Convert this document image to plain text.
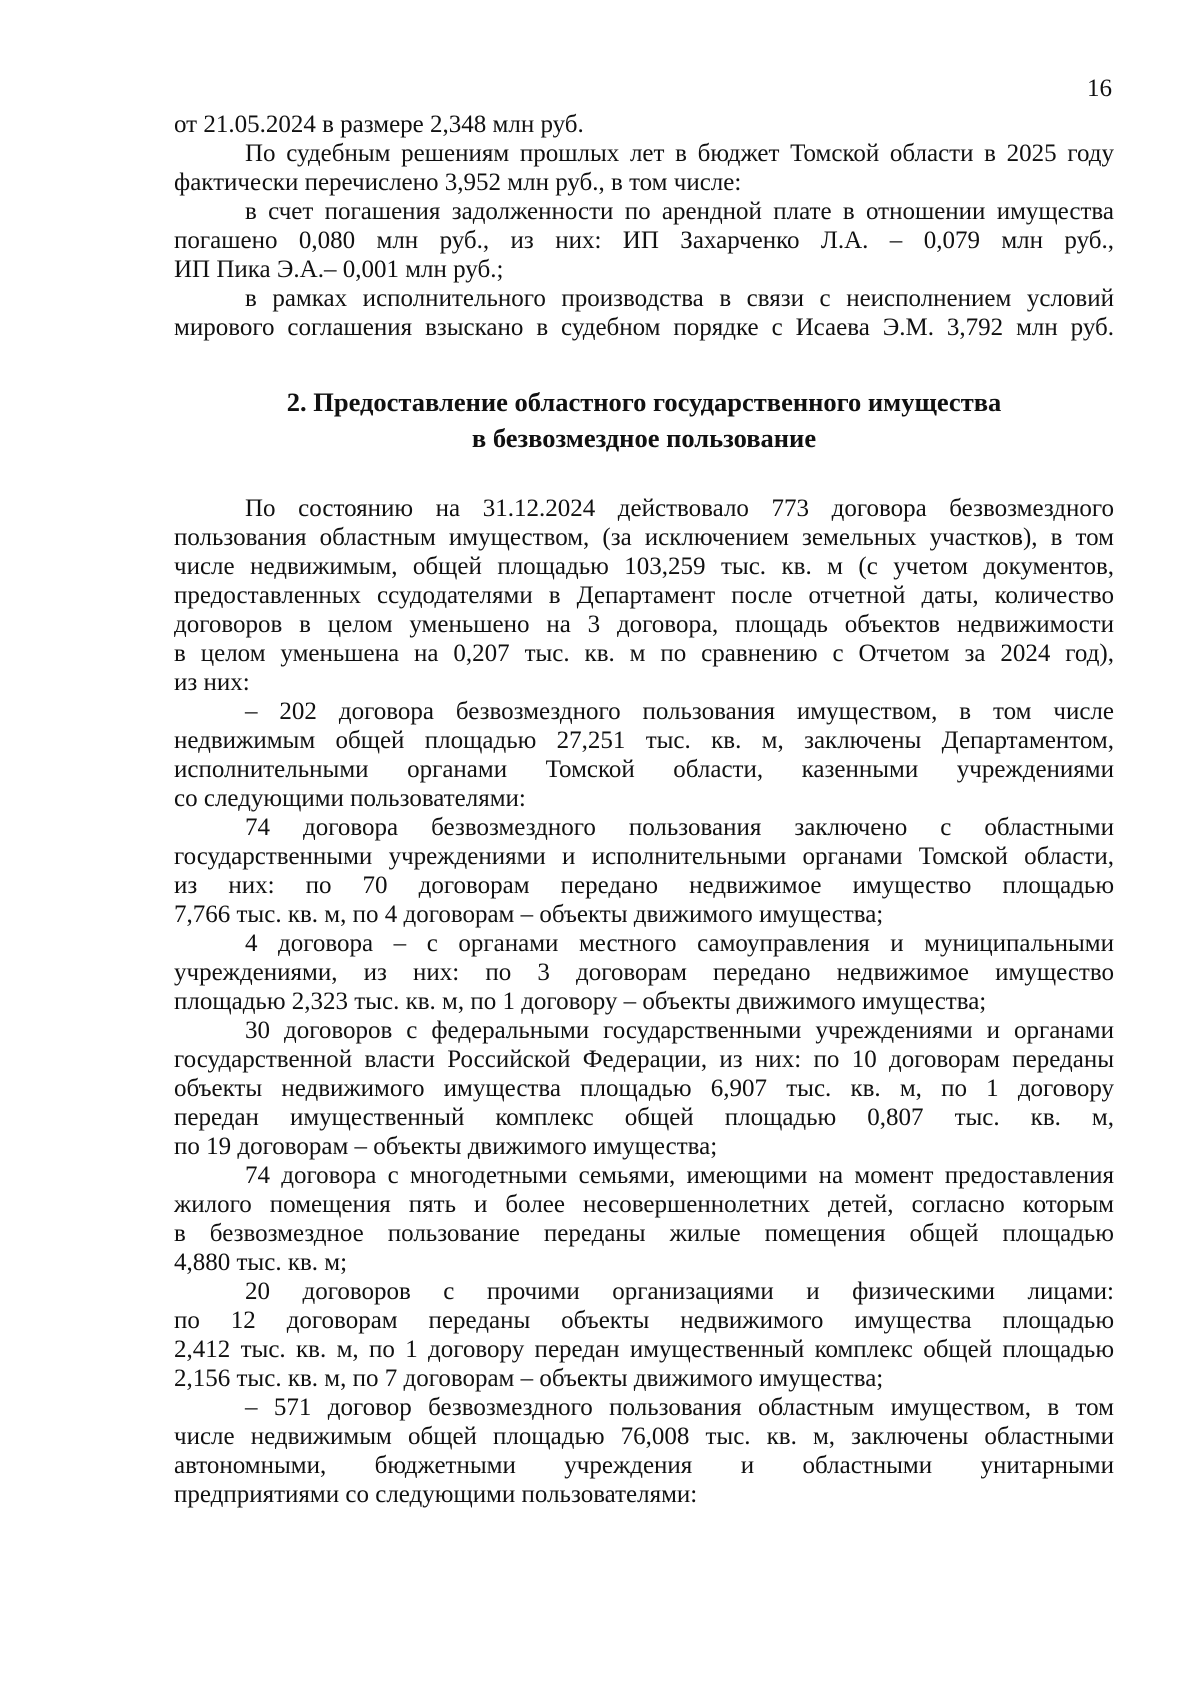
16
от 21.05.2024 в размере 2,348 млн руб.
По судебным решениям прошлых лет в бюджет Томской области в 2025 году
фактически перечислено 3,952 млн руб., в том числе:
в счет погашения задолженности по арендной плате в отношении имущества
погашено 0,080 млн руб., из них: ИП Захарченко Л.А. – 0,079 млн руб.,
ИП Пика Э.А.– 0,001 млн руб.;
в рамках исполнительного производства в связи с неисполнением условий
мирового соглашения взыскано в судебном порядке с Исаева Э.М. 3,792 млн руб.
2. Предоставление областного государственного имущества
в безвозмездное пользование
По состоянию на 31.12.2024 действовало 773 договора безвозмездного
пользования областным имуществом, (за исключением земельных участков), в том
числе недвижимым, общей площадью 103,259 тыс. кв. м (с учетом документов,
предоставленных ссудодателями в Департамент после отчетной даты, количество
договоров в целом уменьшено на 3 договора, площадь объектов недвижимости
в целом уменьшена на 0,207 тыс. кв. м по сравнению с Отчетом за 2024 год),
из них:
– 202 договора безвозмездного пользования имуществом, в том числе
недвижимым общей площадью 27,251 тыс. кв. м, заключены Департаментом,
исполнительными органами Томской области, казенными учреждениями
со следующими пользователями:
74 договора безвозмездного пользования заключено с областными
государственными учреждениями и исполнительными органами Томской области,
из них: по 70 договорам передано недвижимое имущество площадью
7,766 тыс. кв. м, по 4 договорам – объекты движимого имущества;
4 договора – с органами местного самоуправления и муниципальными
учреждениями, из них: по 3 договорам передано недвижимое имущество
площадью 2,323 тыс. кв. м, по 1 договору – объекты движимого имущества;
30 договоров с федеральными государственными учреждениями и органами
государственной власти Российской Федерации, из них: по 10 договорам переданы
объекты недвижимого имущества площадью 6,907 тыс. кв. м, по 1 договору
передан имущественный комплекс общей площадью 0,807 тыс. кв. м,
по 19 договорам – объекты движимого имущества;
74 договора с многодетными семьями, имеющими на момент предоставления
жилого помещения пять и более несовершеннолетних детей, согласно которым
в безвозмездное пользование переданы жилые помещения общей площадью
4,880 тыс. кв. м;
20 договоров с прочими организациями и физическими лицами:
по 12 договорам переданы объекты недвижимого имущества площадью
2,412 тыс. кв. м, по 1 договору передан имущественный комплекс общей площадью
2,156 тыс. кв. м, по 7 договорам – объекты движимого имущества;
– 571 договор безвозмездного пользования областным имуществом, в том
числе недвижимым общей площадью 76,008 тыс. кв. м, заключены областными
автономными, бюджетными учреждения и областными унитарными
предприятиями со следующими пользователями:
